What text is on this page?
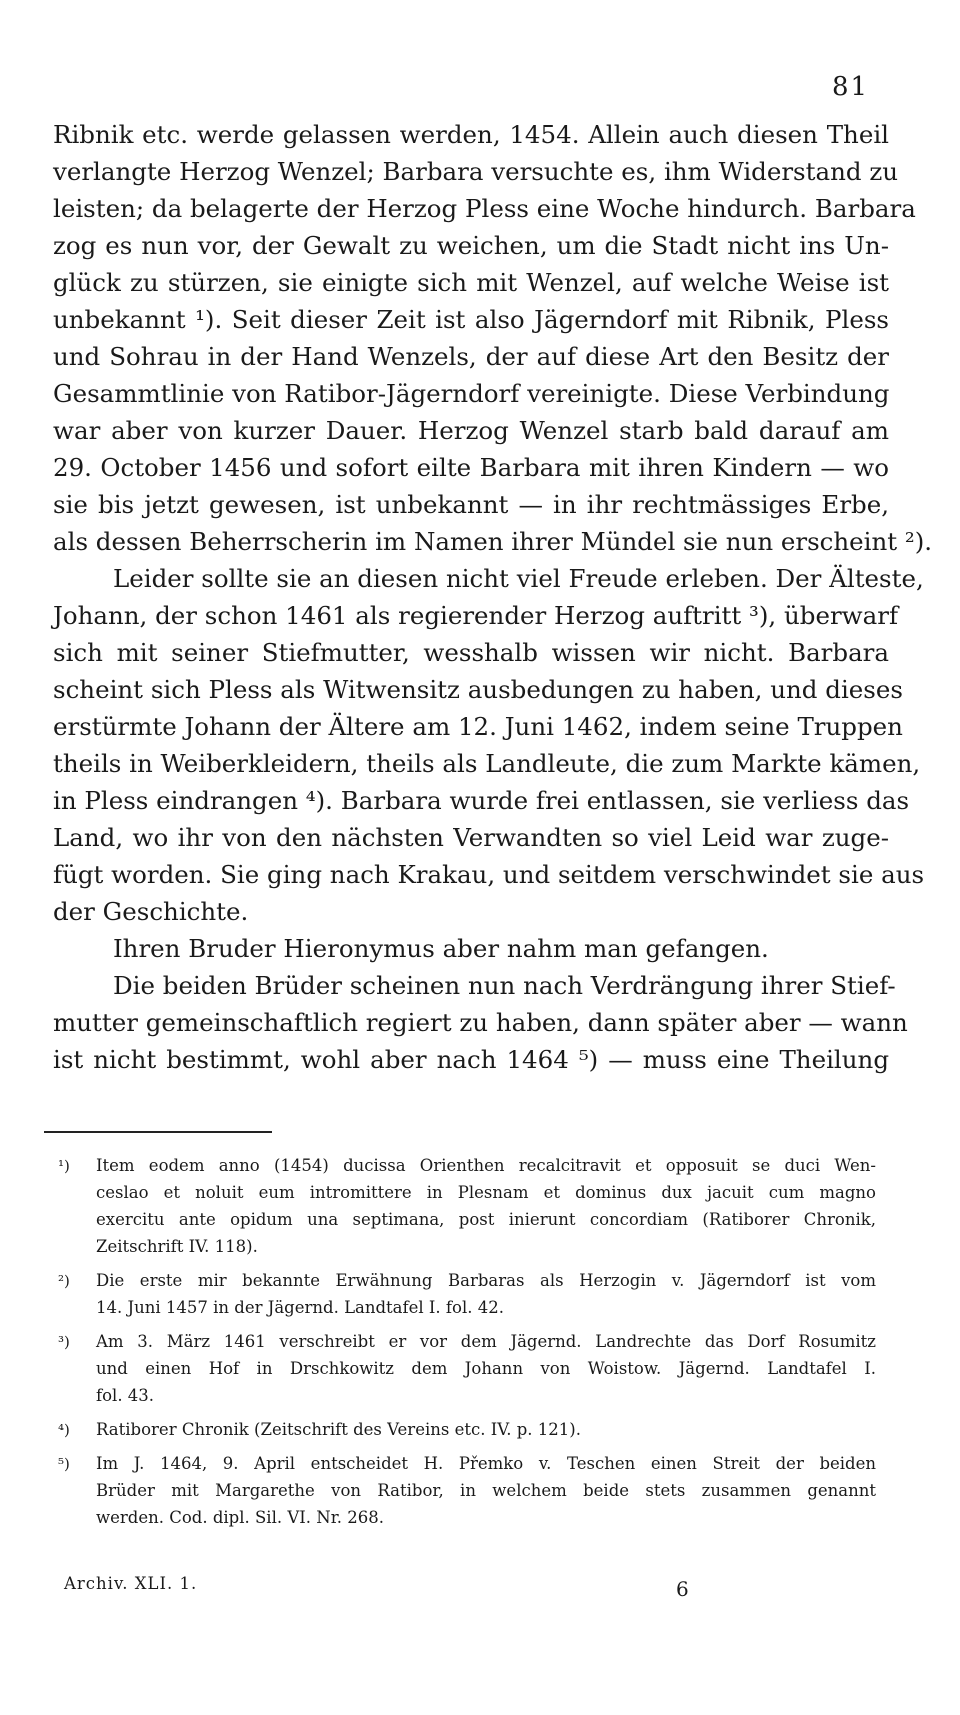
81
Ribnik etc. werde gelassen werden, 1454. Allein auch diesen Theil
verlangte Herzog Wenzel; Barbara versuchte es, ihm Widerstand zu
leisten; da belagerte der Herzog Pless eine Woche hindurch. Barbara
zog es nun vor, der Gewalt zu weichen, um die Stadt nicht ins Un-
glück zu stürzen, sie einigte sich mit Wenzel, auf welche Weise ist
unbekannt ¹). Seit dieser Zeit ist also Jägerndorf mit Ribnik, Pless
und Sohrau in der Hand Wenzels, der auf diese Art den Besitz der
Gesammtlinie von Ratibor-Jägerndorf vereinigte. Diese Verbindung
war aber von kurzer Dauer. Herzog Wenzel starb bald darauf am
29. October 1456 und sofort eilte Barbara mit ihren Kindern — wo
sie bis jetzt gewesen, ist unbekannt — in ihr rechtmässiges Erbe,
als dessen Beherrscherin im Namen ihrer Mündel sie nun erscheint ²).
Leider sollte sie an diesen nicht viel Freude erleben. Der Älteste,
Johann, der schon 1461 als regierender Herzog auftritt ³), überwarf
sich mit seiner Stiefmutter, wesshalb wissen wir nicht. Barbara
scheint sich Pless als Witwensitz ausbedungen zu haben, und dieses
erstürmte Johann der Ältere am 12. Juni 1462, indem seine Truppen
theils in Weiberkleidern, theils als Landleute, die zum Markte kämen,
in Pless eindrangen ⁴). Barbara wurde frei entlassen, sie verliess das
Land, wo ihr von den nächsten Verwandten so viel Leid war zuge-
fügt worden. Sie ging nach Krakau, und seitdem verschwindet sie aus
der Geschichte.
Ihren Bruder Hieronymus aber nahm man gefangen.
Die beiden Brüder scheinen nun nach Verdrängung ihrer Stief-
mutter gemeinschaftlich regiert zu haben, dann später aber — wann
ist nicht bestimmt, wohl aber nach 1464 ⁵) — muss eine Theilung
¹) Item eodem anno (1454) ducissa Orienthen recalcitravit et opposuit se duci Wen-
ceslao et noluit eum intromittere in Plesnam et dominus dux jacuit cum magno
exercitu ante opidum una septimana, post inierunt concordiam (Ratiborer Chronik,
Zeitschrift IV. 118).
²) Die erste mir bekannte Erwähnung Barbaras als Herzogin v. Jägerndorf ist vom
14. Juni 1457 in der Jägernd. Landtafel I. fol. 42.
³) Am 3. März 1461 verschreibt er vor dem Jägernd. Landrechte das Dorf Rosumitz
und einen Hof in Drschkowitz dem Johann von Woistow. Jägernd. Landtafel I.
fol. 43.
⁴) Ratiborer Chronik (Zeitschrift des Vereins etc. IV. p. 121).
⁵) Im J. 1464, 9. April entscheidet H. Přemko v. Teschen einen Streit der beiden
Brüder mit Margarethe von Ratibor, in welchem beide stets zusammen genannt
werden. Cod. dipl. Sil. VI. Nr. 268.
Archiv. XLI. 1.	6
